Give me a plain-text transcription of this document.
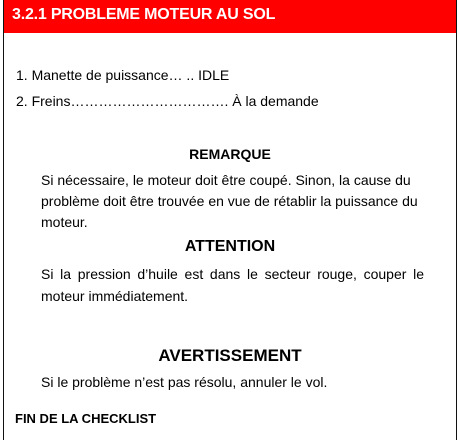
3.2.1 PROBLEME MOTEUR AU SOL
1. Manette de puissance… .. IDLE
2. Freins……………………………. À la demande
REMARQUE
Si nécessaire, le moteur doit être coupé. Sinon, la cause du problème doit être trouvée en vue de rétablir la puissance du moteur.
ATTENTION
Si la pression d’huile est dans le secteur rouge, couper le moteur immédiatement.
AVERTISSEMENT
Si le problème n’est pas résolu, annuler le vol.
FIN DE LA CHECKLIST
